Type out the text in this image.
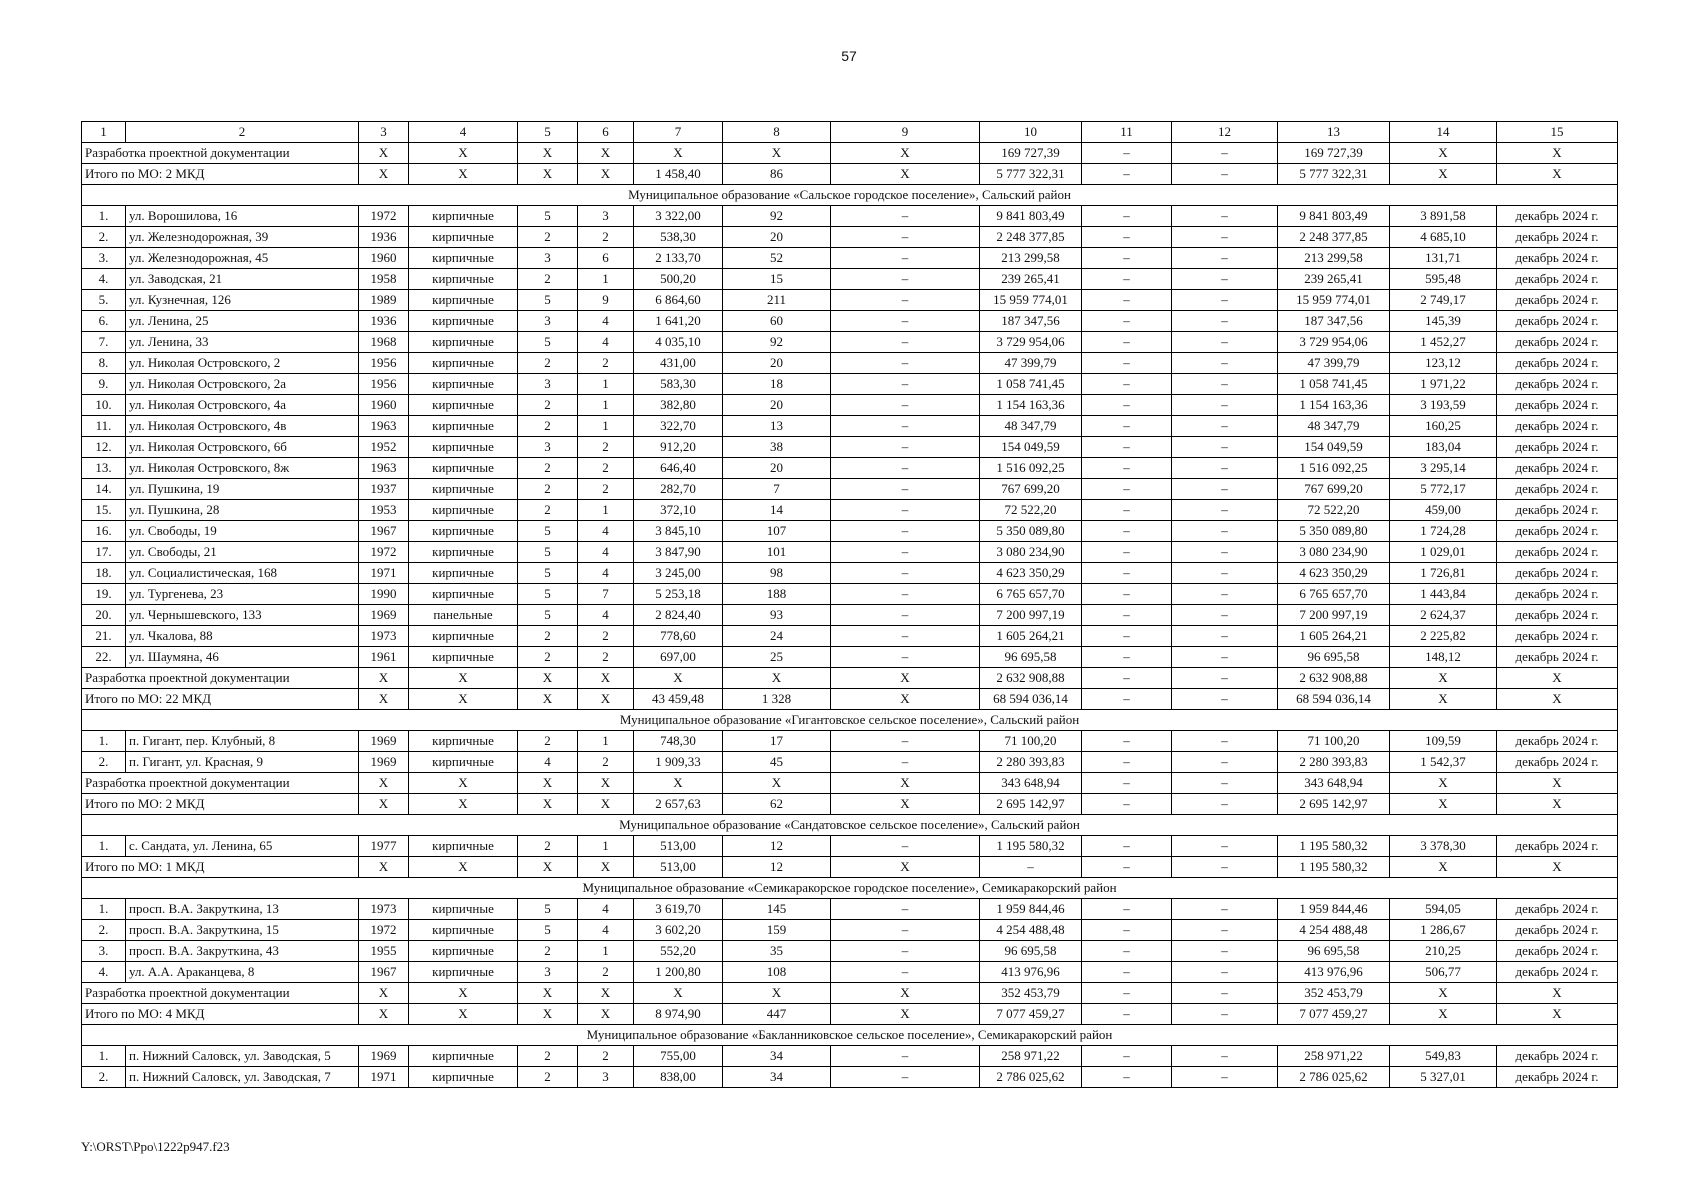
57
1	2	3	4	5	6	7	8	9	10	11	12	13	14	15
Разработка проектной документации		X	X	X	X	X	X	X	169 727,39	–	–	169 727,39	X	X
Итого по МО: 2 МКД		X	X	X	X	1 458,40	86	X	5 777 322,31	–	–	5 777 322,31	X	X
Муниципальное образование «Сальское городское поселение», Сальский район														
1.	ул. Ворошилова, 16	1972	кирпичные	5	3	3 322,00	92	–	9 841 803,49	–	–	9 841 803,49	3 891,58	декабрь 2024 г.
2.	ул. Железнодорожная, 39	1936	кирпичные	2	2	538,30	20	–	2 248 377,85	–	–	2 248 377,85	4 685,10	декабрь 2024 г.
3.	ул. Железнодорожная, 45	1960	кирпичные	3	6	2 133,70	52	–	213 299,58	–	–	213 299,58	131,71	декабрь 2024 г.
4.	ул. Заводская, 21	1958	кирпичные	2	1	500,20	15	–	239 265,41	–	–	239 265,41	595,48	декабрь 2024 г.
5.	ул. Кузнечная, 126	1989	кирпичные	5	9	6 864,60	211	–	15 959 774,01	–	–	15 959 774,01	2 749,17	декабрь 2024 г.
6.	ул. Ленина, 25	1936	кирпичные	3	4	1 641,20	60	–	187 347,56	–	–	187 347,56	145,39	декабрь 2024 г.
7.	ул. Ленина, 33	1968	кирпичные	5	4	4 035,10	92	–	3 729 954,06	–	–	3 729 954,06	1 452,27	декабрь 2024 г.
8.	ул. Николая Островского, 2	1956	кирпичные	2	2	431,00	20	–	47 399,79	–	–	47 399,79	123,12	декабрь 2024 г.
9.	ул. Николая Островского, 2а	1956	кирпичные	3	1	583,30	18	–	1 058 741,45	–	–	1 058 741,45	1 971,22	декабрь 2024 г.
10.	ул. Николая Островского, 4а	1960	кирпичные	2	1	382,80	20	–	1 154 163,36	–	–	1 154 163,36	3 193,59	декабрь 2024 г.
11.	ул. Николая Островского, 4в	1963	кирпичные	2	1	322,70	13	–	48 347,79	–	–	48 347,79	160,25	декабрь 2024 г.
12.	ул. Николая Островского, 6б	1952	кирпичные	3	2	912,20	38	–	154 049,59	–	–	154 049,59	183,04	декабрь 2024 г.
13.	ул. Николая Островского, 8ж	1963	кирпичные	2	2	646,40	20	–	1 516 092,25	–	–	1 516 092,25	3 295,14	декабрь 2024 г.
14.	ул. Пушкина, 19	1937	кирпичные	2	2	282,70	7	–	767 699,20	–	–	767 699,20	5 772,17	декабрь 2024 г.
15.	ул. Пушкина, 28	1953	кирпичные	2	1	372,10	14	–	72 522,20	–	–	72 522,20	459,00	декабрь 2024 г.
16.	ул. Свободы, 19	1967	кирпичные	5	4	3 845,10	107	–	5 350 089,80	–	–	5 350 089,80	1 724,28	декабрь 2024 г.
17.	ул. Свободы, 21	1972	кирпичные	5	4	3 847,90	101	–	3 080 234,90	–	–	3 080 234,90	1 029,01	декабрь 2024 г.
18.	ул. Социалистическая, 168	1971	кирпичные	5	4	3 245,00	98	–	4 623 350,29	–	–	4 623 350,29	1 726,81	декабрь 2024 г.
19.	ул. Тургенева, 23	1990	кирпичные	5	7	5 253,18	188	–	6 765 657,70	–	–	6 765 657,70	1 443,84	декабрь 2024 г.
20.	ул. Чернышевского, 133	1969	панельные	5	4	2 824,40	93	–	7 200 997,19	–	–	7 200 997,19	2 624,37	декабрь 2024 г.
21.	ул. Чкалова, 88	1973	кирпичные	2	2	778,60	24	–	1 605 264,21	–	–	1 605 264,21	2 225,82	декабрь 2024 г.
22.	ул. Шаумяна, 46	1961	кирпичные	2	2	697,00	25	–	96 695,58	–	–	96 695,58	148,12	декабрь 2024 г.
Разработка проектной документации		X	X	X	X	X	X	X	2 632 908,88	–	–	2 632 908,88	X	X
Итого по МО: 22 МКД		X	X	X	X	43 459,48	1 328	X	68 594 036,14	–	–	68 594 036,14	X	X
Муниципальное образование «Гигантовское сельское поселение», Сальский район														
1.	п. Гигант, пер. Клубный, 8	1969	кирпичные	2	1	748,30	17	–	71 100,20	–	–	71 100,20	109,59	декабрь 2024 г.
2.	п. Гигант, ул. Красная, 9	1969	кирпичные	4	2	1 909,33	45	–	2 280 393,83	–	–	2 280 393,83	1 542,37	декабрь 2024 г.
Разработка проектной документации		X	X	X	X	X	X	X	343 648,94	–	–	343 648,94	X	X
Итого по МО: 2 МКД		X	X	X	X	2 657,63	62	X	2 695 142,97	–	–	2 695 142,97	X	X
Муниципальное образование «Сандатовское сельское поселение», Сальский район														
1.	с. Сандата, ул. Ленина, 65	1977	кирпичные	2	1	513,00	12	–	1 195 580,32	–	–	1 195 580,32	3 378,30	декабрь 2024 г.
Итого по МО: 1 МКД		X	X	X	X	513,00	12	X	–	–	–	1 195 580,32	X	X
Муниципальное образование «Семикаракорское городское поселение», Семикаракорский район														
1.	просп. В.А. Закруткина, 13	1973	кирпичные	5	4	3 619,70	145	–	1 959 844,46	–	–	1 959 844,46	594,05	декабрь 2024 г.
2.	просп. В.А. Закруткина, 15	1972	кирпичные	5	4	3 602,20	159	–	4 254 488,48	–	–	4 254 488,48	1 286,67	декабрь 2024 г.
3.	просп. В.А. Закруткина, 43	1955	кирпичные	2	1	552,20	35	–	96 695,58	–	–	96 695,58	210,25	декабрь 2024 г.
4.	ул. А.А. Араканцева, 8	1967	кирпичные	3	2	1 200,80	108	–	413 976,96	–	–	413 976,96	506,77	декабрь 2024 г.
Разработка проектной документации		X	X	X	X	X	X	X	352 453,79	–	–	352 453,79	X	X
Итого по МО: 4 МКД		X	X	X	X	8 974,90	447	X	7 077 459,27	–	–	7 077 459,27	X	X
Муниципальное образование «Бакланниковское сельское поселение», Семикаракорский район														
1.	п. Нижний Саловск, ул. Заводская, 5	1969	кирпичные	2	2	755,00	34	–	258 971,22	–	–	258 971,22	549,83	декабрь 2024 г.
2.	п. Нижний Саловск, ул. Заводская, 7	1971	кирпичные	2	3	838,00	34	–	2 786 025,62	–	–	2 786 025,62	5 327,01	декабрь 2024 г.
Y:\ORST\Ppo\1222p947.f23
